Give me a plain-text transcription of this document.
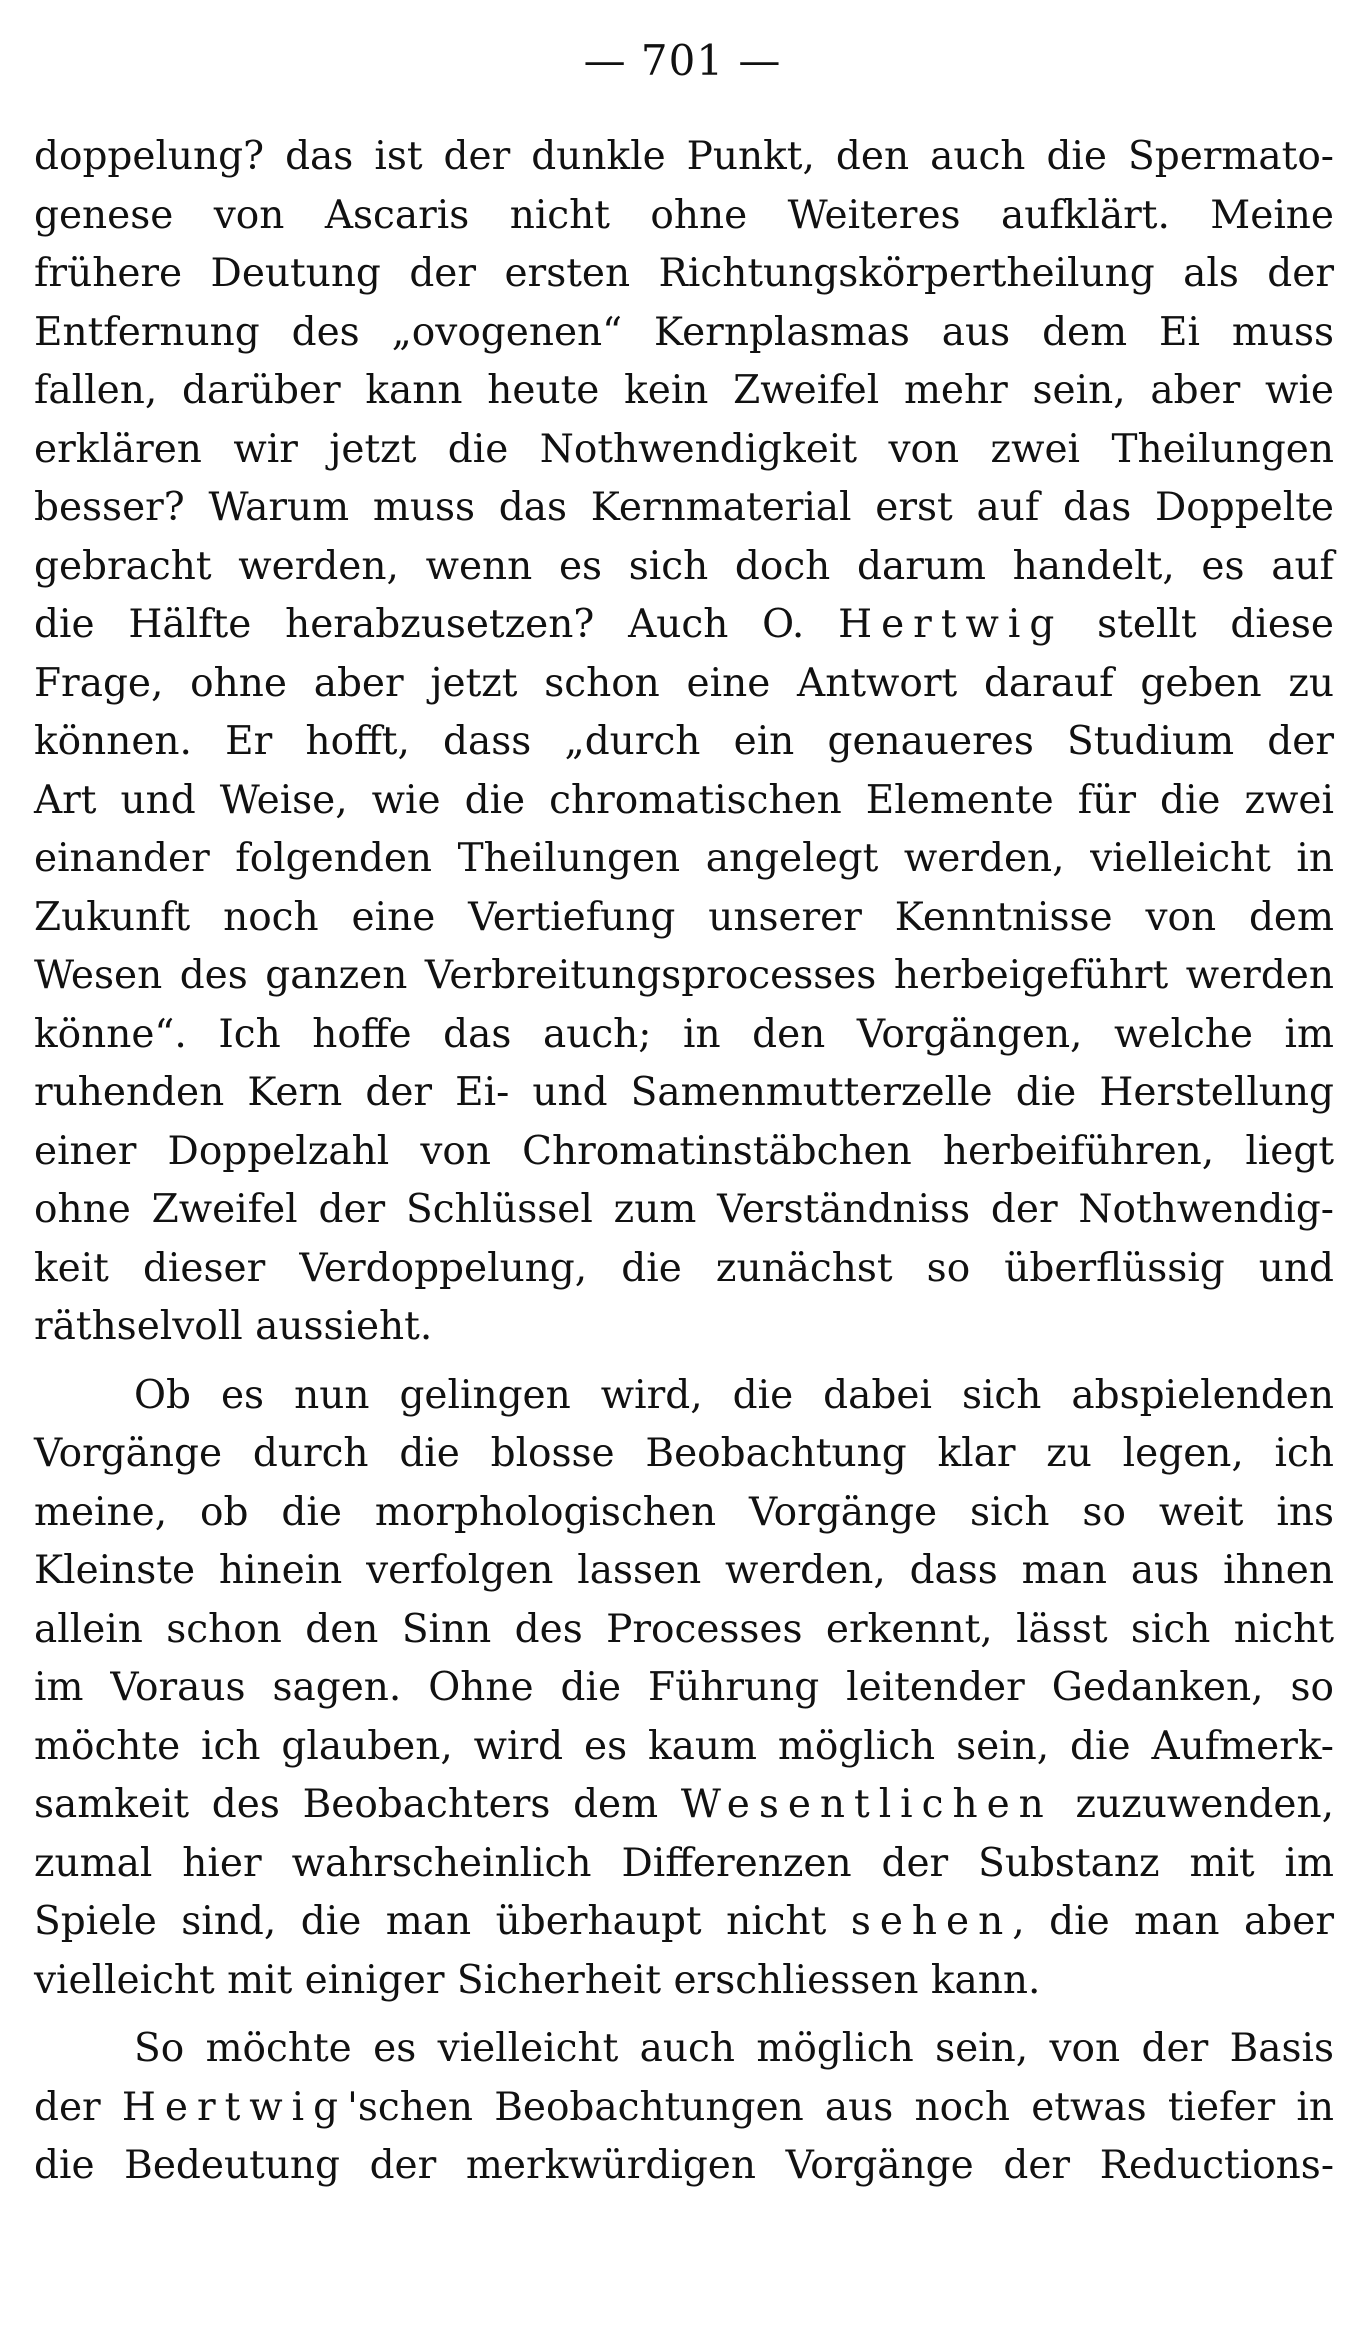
— 701 —
doppelung? das ist der dunkle Punkt, den auch die Spermato-
genese von Ascaris nicht ohne Weiteres aufklärt. Meine
frühere Deutung der ersten Richtungskörpertheilung als der
Entfernung des „ovogenen“ Kernplasmas aus dem Ei muss
fallen, darüber kann heute kein Zweifel mehr sein, aber wie
erklären wir jetzt die Nothwendigkeit von zwei Theilungen
besser? Warum muss das Kernmaterial erst auf das Doppelte
gebracht werden, wenn es sich doch darum handelt, es auf
die Hälfte herabzusetzen? Auch O. Hertwig stellt diese
Frage, ohne aber jetzt schon eine Antwort darauf geben zu
können. Er hofft, dass „durch ein genaueres Studium der
Art und Weise, wie die chromatischen Elemente für die zwei
einander folgenden Theilungen angelegt werden, vielleicht in
Zukunft noch eine Vertiefung unserer Kenntnisse von dem
Wesen des ganzen Verbreitungsprocesses herbeigeführt werden
könne“. Ich hoffe das auch; in den Vorgängen, welche im
ruhenden Kern der Ei- und Samenmutterzelle die Herstellung
einer Doppelzahl von Chromatinstäbchen herbeiführen, liegt
ohne Zweifel der Schlüssel zum Verständniss der Nothwendig-
keit dieser Verdoppelung, die zunächst so überflüssig und
räthselvoll aussieht.
Ob es nun gelingen wird, die dabei sich abspielenden
Vorgänge durch die blosse Beobachtung klar zu legen, ich
meine, ob die morphologischen Vorgänge sich so weit ins
Kleinste hinein verfolgen lassen werden, dass man aus ihnen
allein schon den Sinn des Processes erkennt, lässt sich nicht
im Voraus sagen. Ohne die Führung leitender Gedanken, so
möchte ich glauben, wird es kaum möglich sein, die Aufmerk-
samkeit des Beobachters dem Wesentlichen zuzuwenden,
zumal hier wahrscheinlich Differenzen der Substanz mit im
Spiele sind, die man überhaupt nicht sehen, die man aber
vielleicht mit einiger Sicherheit erschliessen kann.
So möchte es vielleicht auch möglich sein, von der Basis
der Hertwig'schen Beobachtungen aus noch etwas tiefer in
die Bedeutung der merkwürdigen Vorgänge der Reductions-
